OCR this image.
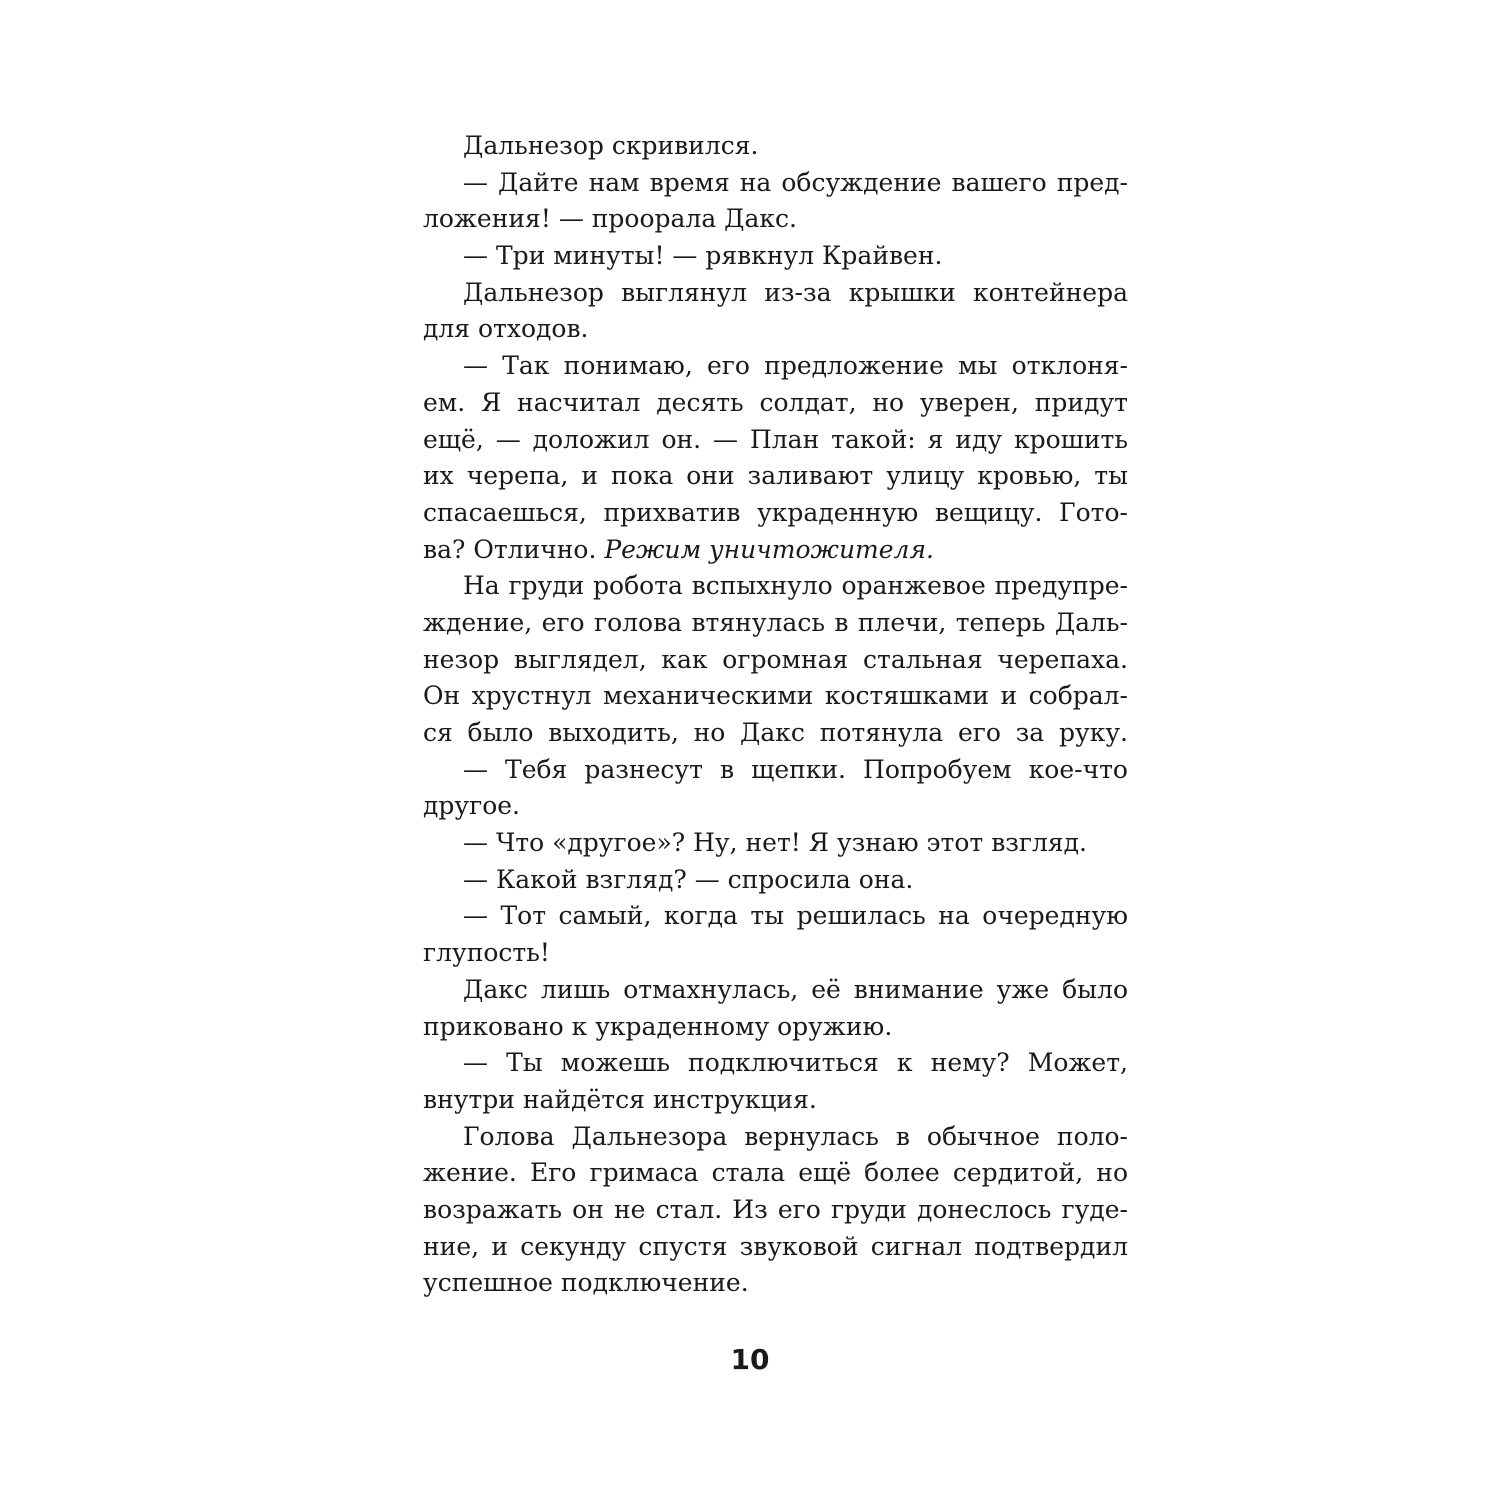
Дальнезор скривился.
— Дайте нам время на обсуждение вашего пред-
ложения! — проорала Дакс.
— Три минуты! — рявкнул Крайвен.
Дальнезор выглянул из-за крышки контейнера
для отходов.
— Так понимаю, его предложение мы отклоня-
ем. Я насчитал десять солдат, но уверен, придут
ещё, — доложил он. — План такой: я иду крошить
их черепа, и пока они заливают улицу кровью, ты
спасаешься, прихватив украденную вещицу. Гото-
ва? Отлично. Режим уничтожителя.
На груди робота вспыхнуло оранжевое предупре-
ждение, его голова втянулась в плечи, теперь Даль-
незор выглядел, как огромная стальная черепаха.
Он хрустнул механическими костяшками и собрал-
ся было выходить, но Дакс потянула его за руку.
— Тебя разнесут в щепки. Попробуем кое-что
другое.
— Что «другое»? Ну, нет! Я узнаю этот взгляд.
— Какой взгляд? — спросила она.
— Тот самый, когда ты решилась на очередную
глупость!
Дакс лишь отмахнулась, её внимание уже было
приковано к украденному оружию.
— Ты можешь подключиться к нему? Может,
внутри найдётся инструкция.
Голова Дальнезора вернулась в обычное поло-
жение. Его гримаса стала ещё более сердитой, но
возражать он не стал. Из его груди донеслось гуде-
ние, и секунду спустя звуковой сигнал подтвердил
успешное подключение.
10
